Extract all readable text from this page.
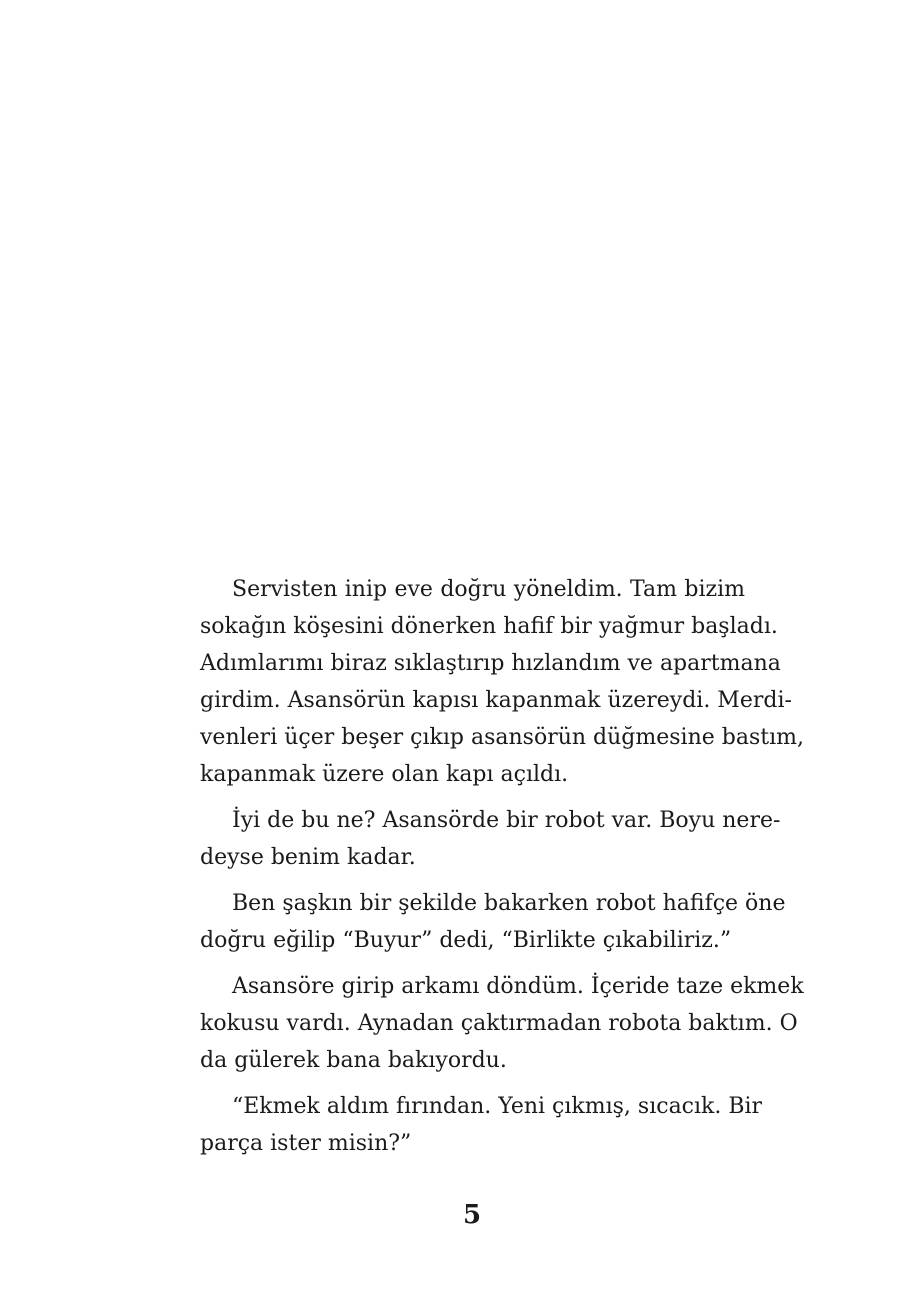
Servisten inip eve doğru yöneldim. Tam bizim
sokağın köşesini dönerken hafif bir yağmur başladı.
Adımlarımı biraz sıklaştırıp hızlandım ve apartmana
girdim. Asansörün kapısı kapanmak üzereydi. Merdi-
venleri üçer beşer çıkıp asansörün düğmesine bastım,
kapanmak üzere olan kapı açıldı.

İyi de bu ne? Asansörde bir robot var. Boyu nere-
deyse benim kadar.

Ben şaşkın bir şekilde bakarken robot hafifçe öne
doğru eğilip “Buyur” dedi, “Birlikte çıkabiliriz.”

Asansöre girip arkamı döndüm. İçeride taze ekmek
kokusu vardı. Aynadan çaktırmadan robota baktım. O
da gülerek bana bakıyordu.

“Ekmek aldım fırından. Yeni çıkmış, sıcacık. Bir
parça ister misin?”

5
